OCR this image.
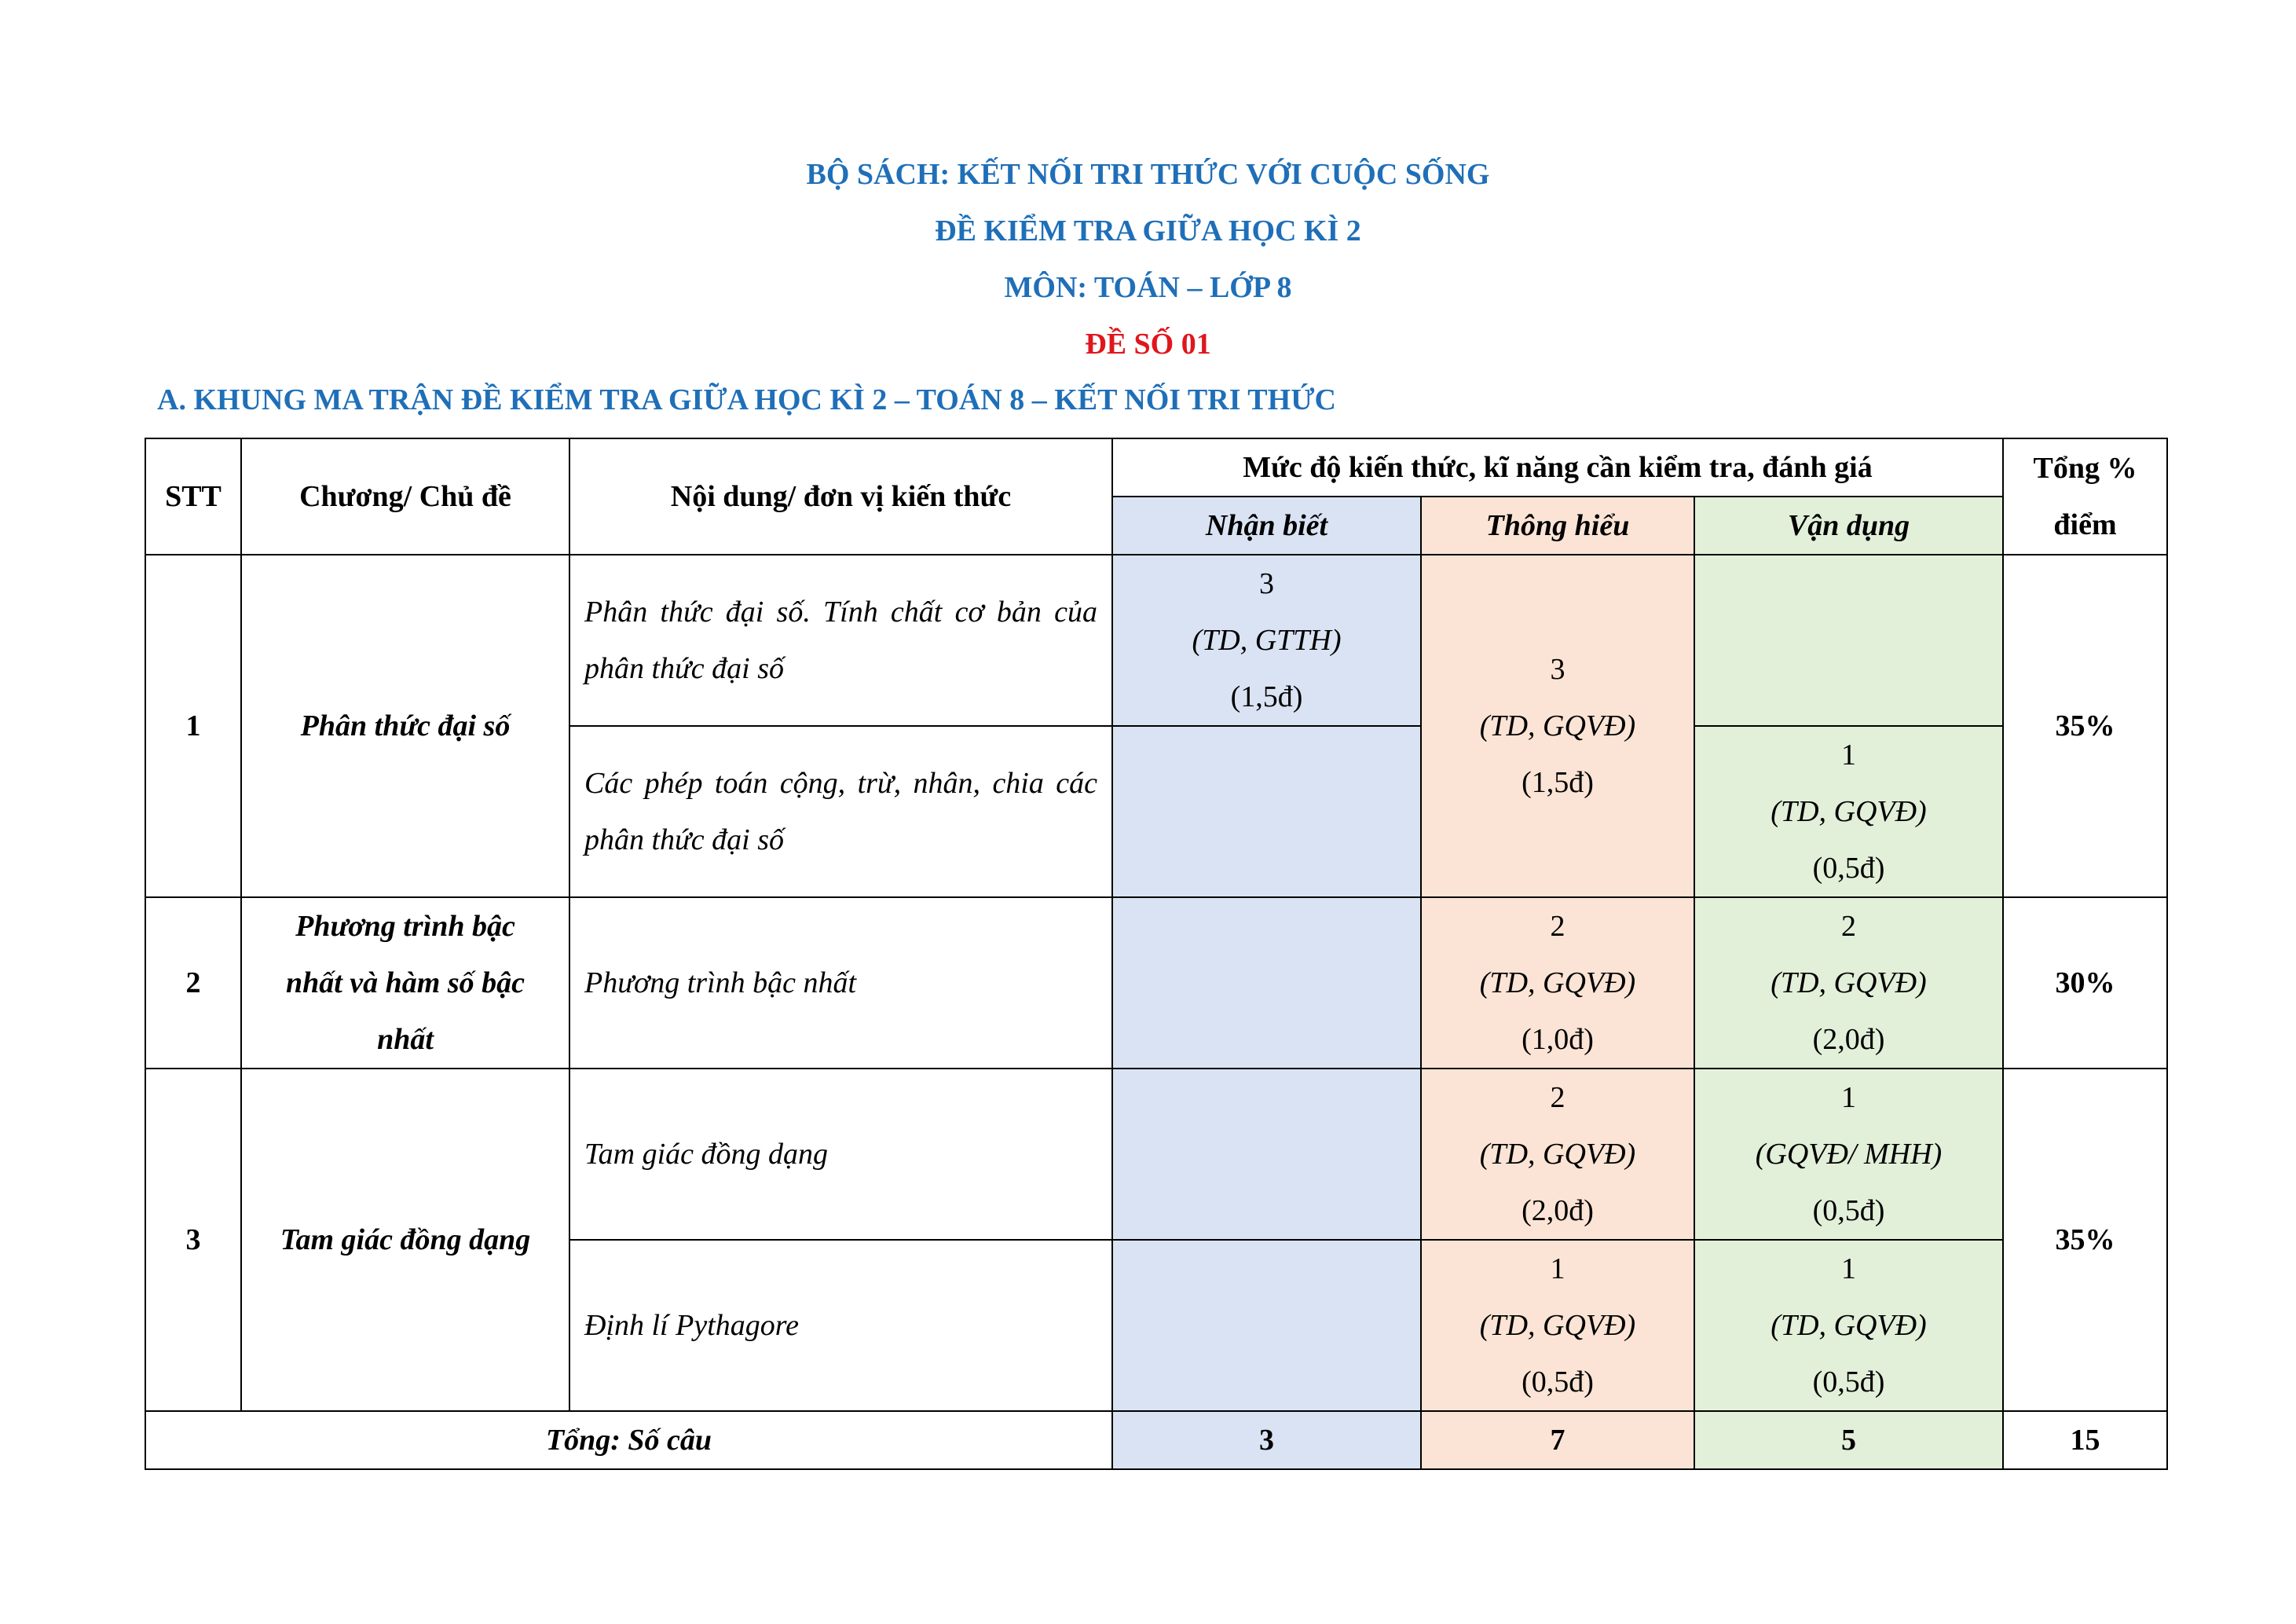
BỘ SÁCH: KẾT NỐI TRI THỨC VỚI CUỘC SỐNG

ĐỀ KIỂM TRA GIỮA HỌC KÌ 2

MÔN: TOÁN – LỚP 8

ĐỀ SỐ 01

A. KHUNG MA TRẬN ĐỀ KIỂM TRA GIỮA HỌC KÌ 2 – TOÁN 8 – KẾT NỐI TRI THỨC

STT	Chương/ Chủ đề	Nội dung/ đơn vị kiến thức	Mức độ kiến thức, kĩ năng cần kiểm tra, đánh giá			Tổng %
điểm

			Nhận biết	Thông hiểu	Vận dụng	
1	Phân thức đại số	Phân thức đại số. Tính chất cơ bản của phân thức đại số	3
(TD, GTTH)
(1,5đ)	3
(TD, GQVĐ)
(1,5đ)		35%

		Các phép toán cộng, trừ, nhân, chia các phân thức đại số			1
(TD, GQVĐ)
(0,5đ)	

2	Phương trình bậc
nhất và hàm số bậc
nhất	Phương trình bậc nhất		2
(TD, GQVĐ)
(1,0đ)	2
(TD, GQVĐ)
(2,0đ)	30%
3	Tam giác đồng dạng	Tam giác đồng dạng		2
(TD, GQVĐ)
(2,0đ)	1
(GQVĐ/ MHH)
(0,5đ)	35%

		Định lí Pythagore		1
(TD, GQVĐ)
(0,5đ)	1
(TD, GQVĐ)
(0,5đ)	

Tổng: Số câu			3	7	5	15
